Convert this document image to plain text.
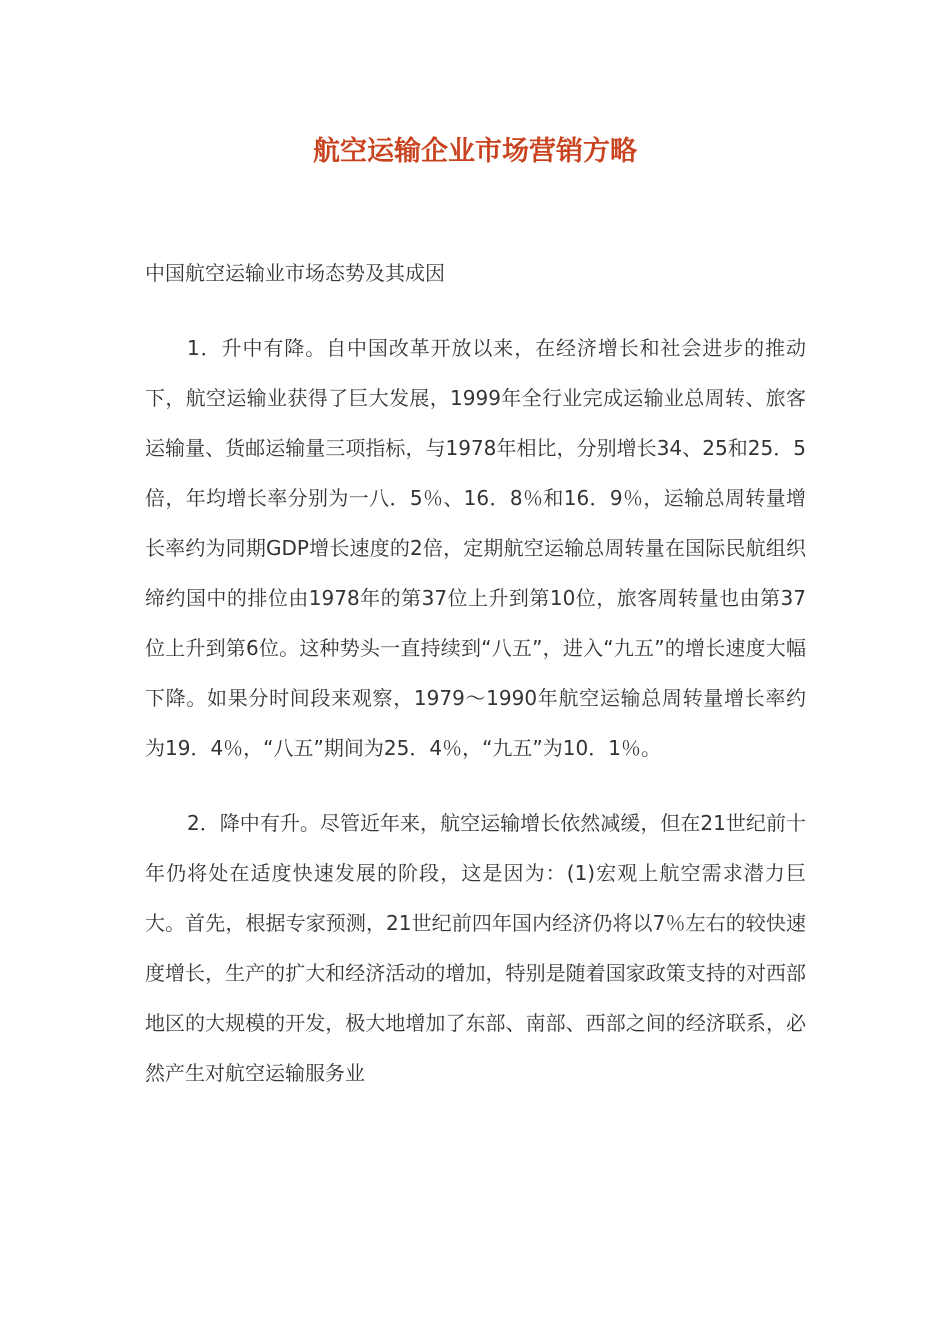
航空运输企业市场营销方略

中国航空运输业市场态势及其成因

1．升中有降。自中国改革开放以来，在经济增长和社会进步的推动下，航空运输业获得了巨大发展，1999年全行业完成运输业总周转、旅客运输量、货邮运输量三项指标，与1978年相比，分别增长34、25和25．5倍，年均增长率分别为一八．5％、16．8％和16．9％，运输总周转量增长率约为同期GDP增长速度的2倍，定期航空运输总周转量在国际民航组织缔约国中的排位由1978年的第37位上升到第10位，旅客周转量也由第37位上升到第6位。这种势头一直持续到“八五”，进入“九五”的增长速度大幅下降。如果分时间段来观察，1979～1990年航空运输总周转量增长率约为19．4％，“八五”期间为25．4％，“九五”为10．1％。

2．降中有升。尽管近年来，航空运输增长依然减缓，但在21世纪前十年仍将处在适度快速发展的阶段，这是因为：(1)宏观上航空需求潜力巨大。首先，根据专家预测，21世纪前四年国内经济仍将以7％左右的较快速度增长，生产的扩大和经济活动的增加，特别是随着国家政策支持的对西部地区的大规模的开发，极大地增加了东部、南部、西部之间的经济联系，必然产生对航空运输服务业
